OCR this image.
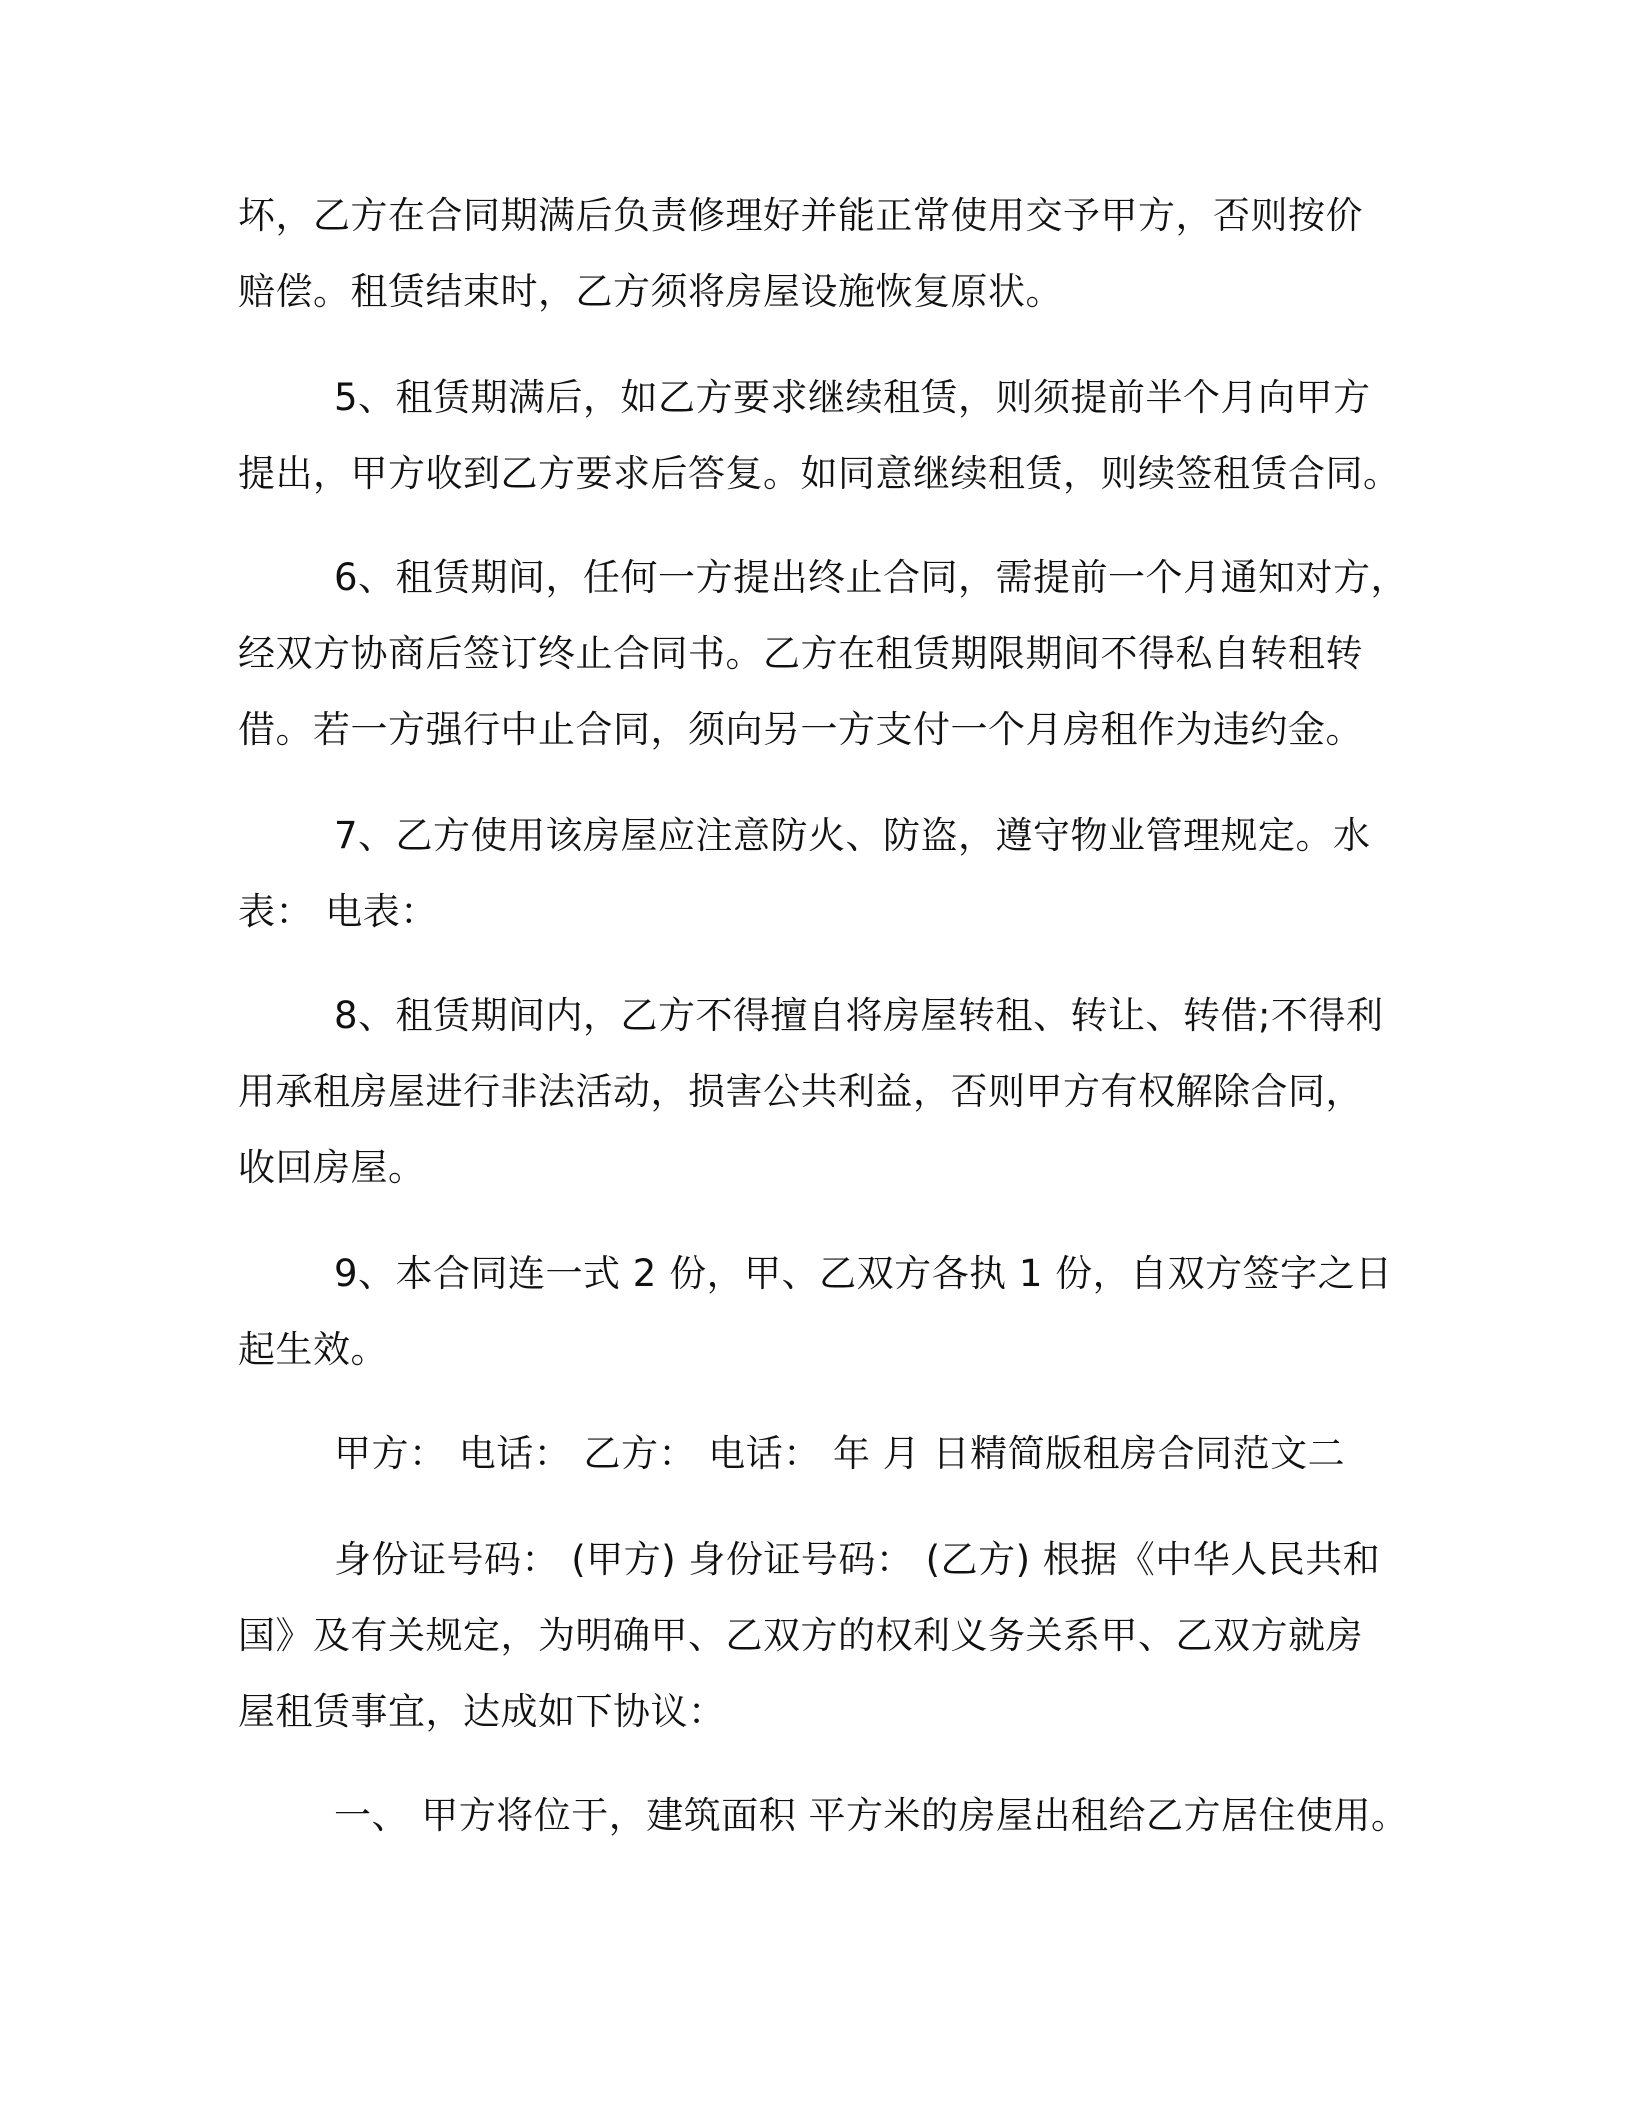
坏，乙方在合同期满后负责修理好并能正常使用交予甲方，否则按价

赔偿。租赁结束时，乙方须将房屋设施恢复原状。

5、租赁期满后，如乙方要求继续租赁，则须提前半个月向甲方

提出，甲方收到乙方要求后答复。如同意继续租赁，则续签租赁合同。

6、租赁期间，任何一方提出终止合同，需提前一个月通知对方，

经双方协商后签订终止合同书。乙方在租赁期限期间不得私自转租转

借。若一方强行中止合同，须向另一方支付一个月房租作为违约金。

7、乙方使用该房屋应注意防火、防盗，遵守物业管理规定。水

表： 电表：

8、租赁期间内，乙方不得擅自将房屋转租、转让、转借;不得利

用承租房屋进行非法活动，损害公共利益，否则甲方有权解除合同，

收回房屋。

9、本合同连一式 2 份，甲、乙双方各执 1 份，自双方签字之日

起生效。

甲方： 电话： 乙方： 电话： 年 月 日精简版租房合同范文二

身份证号码： (甲方) 身份证号码： (乙方) 根据《中华人民共和

国》及有关规定，为明确甲、乙双方的权利义务关系甲、乙双方就房

屋租赁事宜，达成如下协议：

一、 甲方将位于，建筑面积 平方米的房屋出租给乙方居住使用。
